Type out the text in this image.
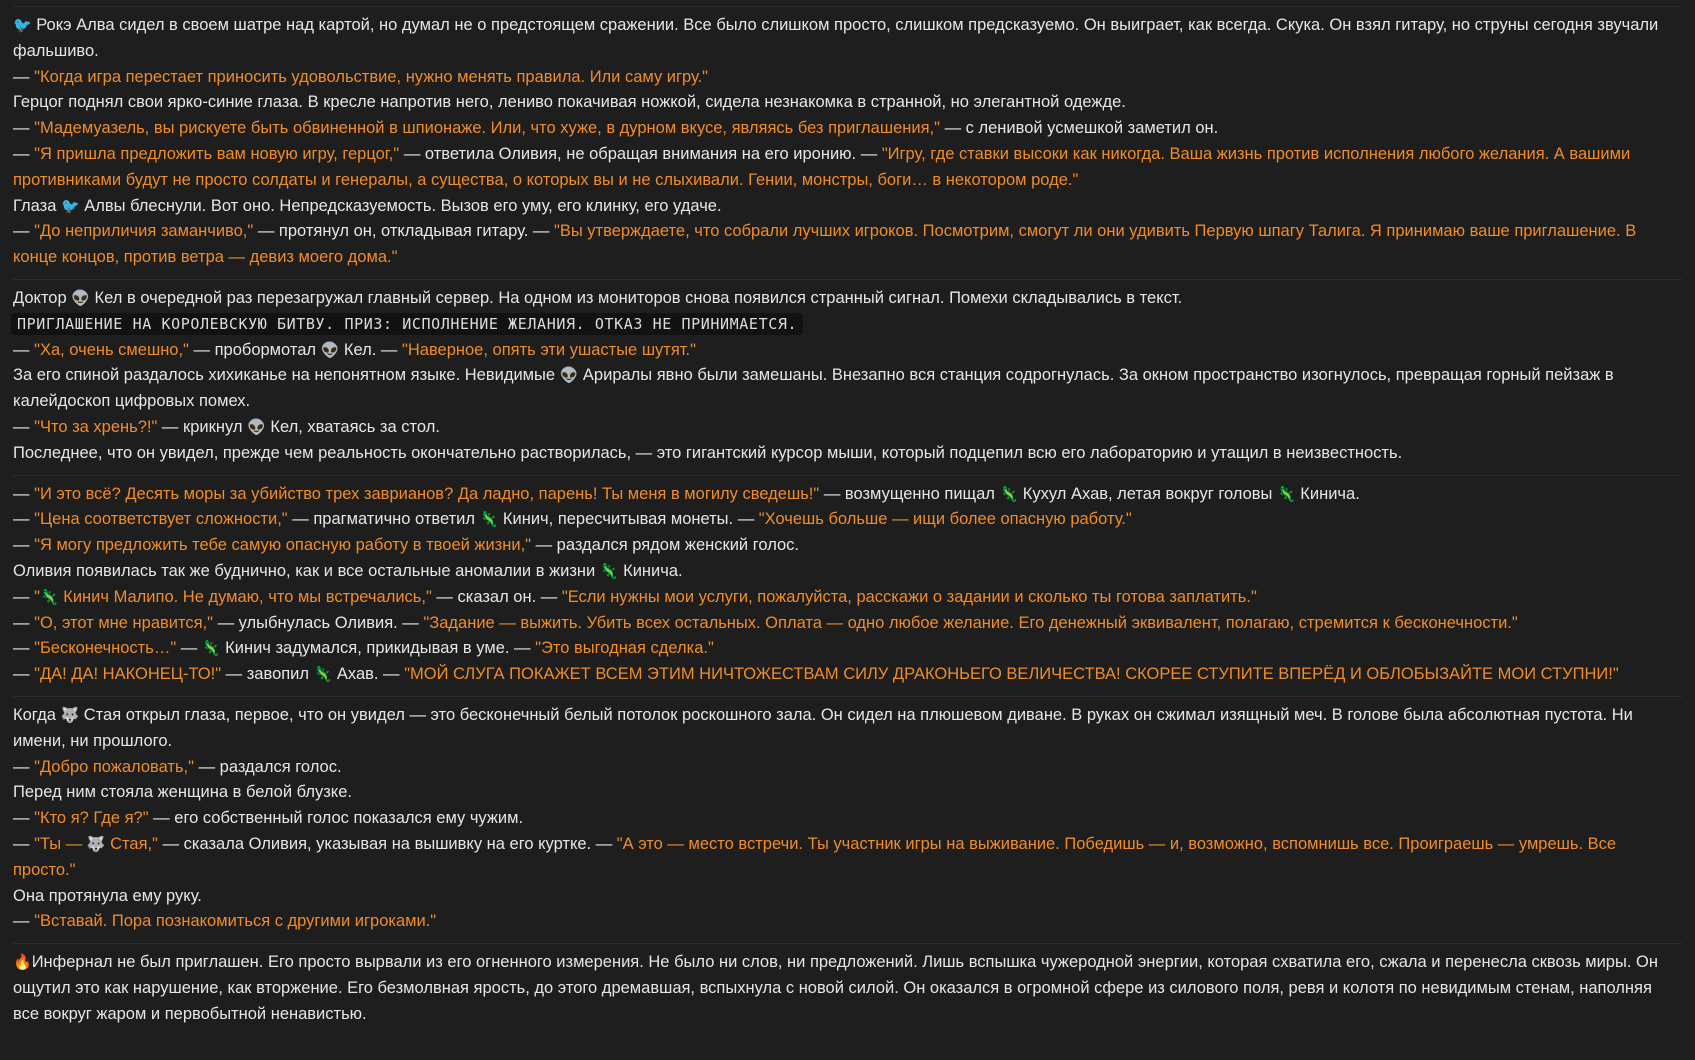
🐦 Рокэ Алва сидел в своем шатре над картой, но думал не о предстоящем сражении. Все было слишком просто, слишком предсказуемо. Он выиграет, как всегда. Скука. Он взял гитару, но струны сегодня звучали фальшиво.
— "Когда игра перестает приносить удовольствие, нужно менять правила. Или саму игру."
Герцог поднял свои ярко-синие глаза. В кресле напротив него, лениво покачивая ножкой, сидела незнакомка в странной, но элегантной одежде.
— "Мадемуазель, вы рискуете быть обвиненной в шпионаже. Или, что хуже, в дурном вкусе, являясь без приглашения," — с ленивой усмешкой заметил он.
— "Я пришла предложить вам новую игру, герцог," — ответила Оливия, не обращая внимания на его иронию. — "Игру, где ставки высоки как никогда. Ваша жизнь против исполнения любого желания. А вашими противниками будут не просто солдаты и генералы, а существа, о которых вы и не слыхивали. Гении, монстры, боги… в некотором роде."
Глаза 🐦 Алвы блеснули. Вот оно. Непредсказуемость. Вызов его уму, его клинку, его удаче.
— "До неприличия заманчиво," — протянул он, откладывая гитару. — "Вы утверждаете, что собрали лучших игроков. Посмотрим, смогут ли они удивить Первую шпагу Талига. Я принимаю ваше приглашение. В конце концов, против ветра — девиз моего дома."
Доктор 👽 Кел в очередной раз перезагружал главный сервер. На одном из мониторов снова появился странный сигнал. Помехи складывались в текст.
ПРИГЛАШЕНИЕ НА КОРОЛЕВСКУЮ БИТВУ. ПРИЗ: ИСПОЛНЕНИЕ ЖЕЛАНИЯ. ОТКАЗ НЕ ПРИНИМАЕТСЯ.
— "Ха, очень смешно," — пробормотал 👽 Кел. — "Наверное, опять эти ушастые шутят."
За его спиной раздалось хихиканье на непонятном языке. Невидимые 👽 Арирaлы явно были замешаны. Внезапно вся станция содрогнулась. За окном пространство изогнулось, превращая горный пейзаж в калейдоскоп цифровых помех.
— "Что за хрень?!" — крикнул 👽 Кел, хватаясь за стол.
Последнее, что он увидел, прежде чем реальность окончательно растворилась, — это гигантский курсор мыши, который подцепил всю его лабораторию и утащил в неизвестность.
— "И это всё? Десять моры за убийство трех завриaнов? Да ладно, парень! Ты меня в могилу сведешь!" — возмущенно пищал 🦎 Кухул Ахав, летая вокруг головы 🦎 Кинича.
— "Цена соответствует сложности," — прагматично ответил 🦎 Кинич, пересчитывая монеты. — "Хочешь больше — ищи более опасную работу."
— "Я могу предложить тебе самую опасную работу в твоей жизни," — раздался рядом женский голос.
Оливия появилась так же буднично, как и все остальные аномалии в жизни 🦎 Кинича.
— "🦎 Кинич Малипо. Не думаю, что мы встречались," — сказал он. — "Если нужны мои услуги, пожалуйста, расскажи о задании и сколько ты готова заплатить."
— "О, этот мне нравится," — улыбнулась Оливия. — "Задание — выжить. Убить всех остальных. Оплата — одно любое желание. Его денежный эквивалент, полагаю, стремится к бесконечности."
— "Бесконечность…" — 🦎 Кинич задумался, прикидывая в уме. — "Это выгодная сделка."
— "ДА! ДА! НАКОНЕЦ-ТО!" — завопил 🦎 Ахав. — "МОЙ СЛУГА ПОКАЖЕТ ВСЕМ ЭТИМ НИЧТОЖЕСТВАМ СИЛУ ДРАКОНЬЕГО ВЕЛИЧЕСТВА! СКОРЕЕ СТУПИТЕ ВПЕРЁД И ОБЛОБЫЗАЙТЕ МОИ СТУПНИ!"
Когда 🐺 Стая открыл глаза, первое, что он увидел — это бесконечный белый потолок роскошного зала. Он сидел на плюшевом диване. В руках он сжимал изящный меч. В голове была абсолютная пустота. Ни имени, ни прошлого.
— "Добро пожаловать," — раздался голос.
Перед ним стояла женщина в белой блузке.
— "Кто я? Где я?" — его собственный голос показался ему чужим.
— "Ты — 🐺 Стая," — сказала Оливия, указывая на вышивку на его куртке. — "А это — место встречи. Ты участник игры на выживание. Победишь — и, возможно, вспомнишь все. Проиграешь — умрешь. Все просто."
Она протянула ему руку.
— "Вставай. Пора познакомиться с другими игроками."
🔥Инфернал не был приглашен. Его просто вырвали из его огненного измерения. Не было ни слов, ни предложений. Лишь вспышка чужеродной энергии, которая схватила его, сжала и перенесла сквозь миры. Он ощутил это как нарушение, как вторжение. Его безмолвная ярость, до этого дремавшая, вспыхнула с новой силой. Он оказался в огромной сфере из силового поля, ревя и колотя по невидимым стенам, наполняя все вокруг жаром и первобытной ненавистью.
